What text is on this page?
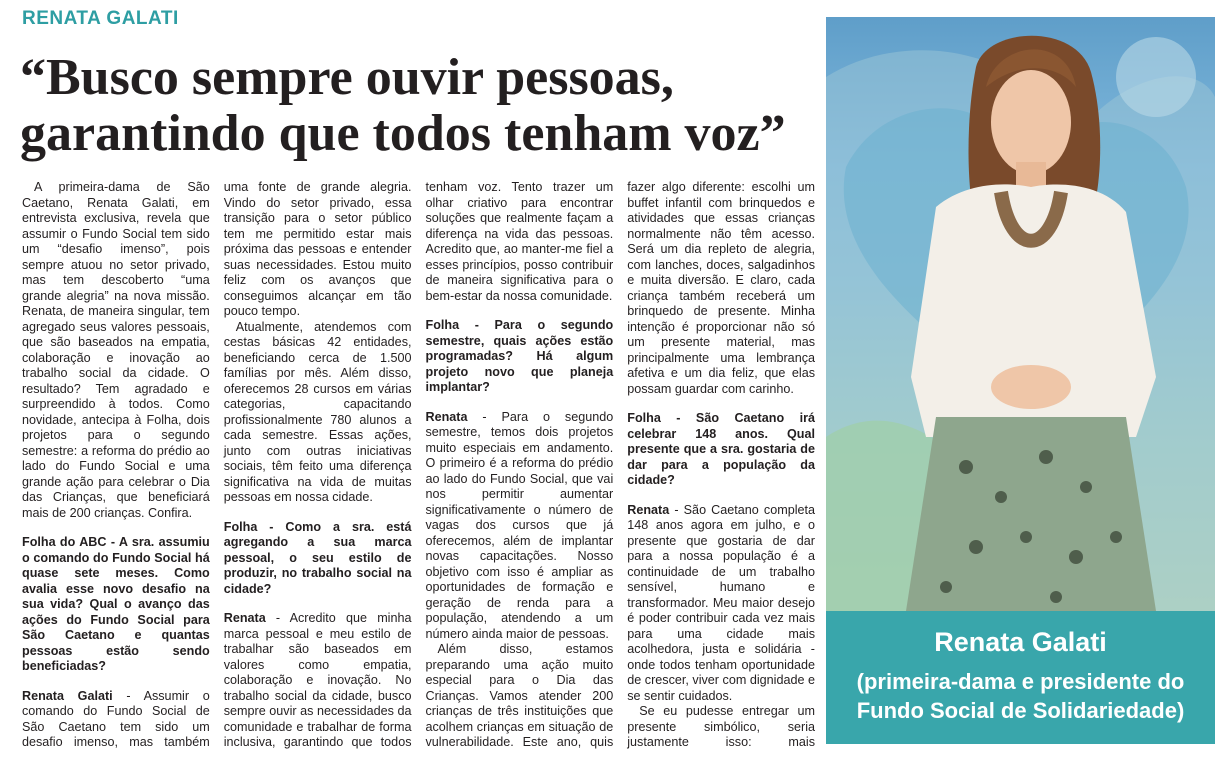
RENATA GALATI
“Busco sempre ouvir pessoas,
garantindo que todos tenham voz”

A primeira-dama de São Caetano, Renata Galati, em entrevista exclusiva, revela que assumir o Fundo Social tem sido um “desafio imenso”, pois sempre atuou no setor privado, mas tem descoberto “uma grande alegria” na nova missão. Renata, de maneira singular, tem agregado seus valores pessoais, que são baseados na empatia, colaboração e inovação ao trabalho social da cidade. O resultado? Tem agradado e surpreendido à todos. Como novidade, antecipa à Folha, dois projetos para o segundo semestre: a reforma do prédio ao lado do Fundo Social e uma grande ação para celebrar o Dia das Crianças, que beneficiará mais de 200 crianças. Confira.

Folha do ABC - A sra. assumiu o comando do Fundo Social há quase sete meses. Como avalia esse novo desafio na sua vida? Qual o avanço das ações do Fundo Social para São Caetano e quantas pessoas estão sendo beneficiadas?

Renata Galati - Assumir o comando do Fundo Social de São Caetano tem sido um desafio imenso, mas também uma fonte de grande alegria. Vindo do setor privado, essa transição para o setor público tem me permitido estar mais próxima das pessoas e entender suas necessidades. Estou muito feliz com os avanços que conseguimos alcançar em tão pouco tempo.

Atualmente, atendemos com cestas básicas 42 entidades, beneficiando cerca de 1.500 famílias por mês. Além disso, oferecemos 28 cursos em várias categorias, capacitando profissionalmente 780 alunos a cada semestre. Essas ações, junto com outras iniciativas sociais, têm feito uma diferença significativa na vida de muitas pessoas em nossa cidade.

Folha - Como a sra. está agregando a sua marca pessoal, o seu estilo de produzir, no trabalho social na cidade?

Renata - Acredito que minha marca pessoal e meu estilo de trabalhar são baseados em valores como empatia, colaboração e inovação. No trabalho social da cidade, busco sempre ouvir as necessidades da comunidade e trabalhar de forma inclusiva, garantindo que todos tenham voz. Tento trazer um olhar criativo para encontrar soluções que realmente façam a diferença na vida das pessoas. Acredito que, ao manter-me fiel a esses princípios, posso contribuir de maneira significativa para o bem-estar da nossa comunidade.

Folha - Para o segundo semestre, quais ações estão programadas? Há algum projeto novo que planeja implantar?

Renata - Para o segundo semestre, temos dois projetos muito especiais em andamento. O primeiro é a reforma do prédio ao lado do Fundo Social, que vai nos permitir aumentar significativamente o número de vagas dos cursos que já oferecemos, além de implantar novas capacitações. Nosso objetivo com isso é ampliar as oportunidades de formação e geração de renda para a população, atendendo a um número ainda maior de pessoas.

Além disso, estamos preparando uma ação muito especial para o Dia das Crianças. Vamos atender 200 crianças de três instituições que acolhem crianças em situação de vulnerabilidade. Este ano, quis fazer algo diferente: escolhi um buffet infantil com brinquedos e atividades que essas crianças normalmente não têm acesso. Será um dia repleto de alegria, com lanches, doces, salgadinhos e muita diversão. E claro, cada criança também receberá um brinquedo de presente. Minha intenção é proporcionar não só um presente material, mas principalmente uma lembrança afetiva e um dia feliz, que elas possam guardar com carinho.

Folha - São Caetano irá celebrar 148 anos. Qual presente que a sra. gostaria de dar para a população da cidade?

Renata - São Caetano completa 148 anos agora em julho, e o presente que gostaria de dar para a nossa população é a continuidade de um trabalho sensível, humano e transformador. Meu maior desejo é poder contribuir cada vez mais para uma cidade mais acolhedora, justa e solidária - onde todos tenham oportunidade de crescer, viver com dignidade e se sentir cuidados.

Se eu pudesse entregar um presente simbólico, seria justamente isso: mais

Renata Galati
(primeira-dama e presidente do
Fundo Social de Solidariedade)
